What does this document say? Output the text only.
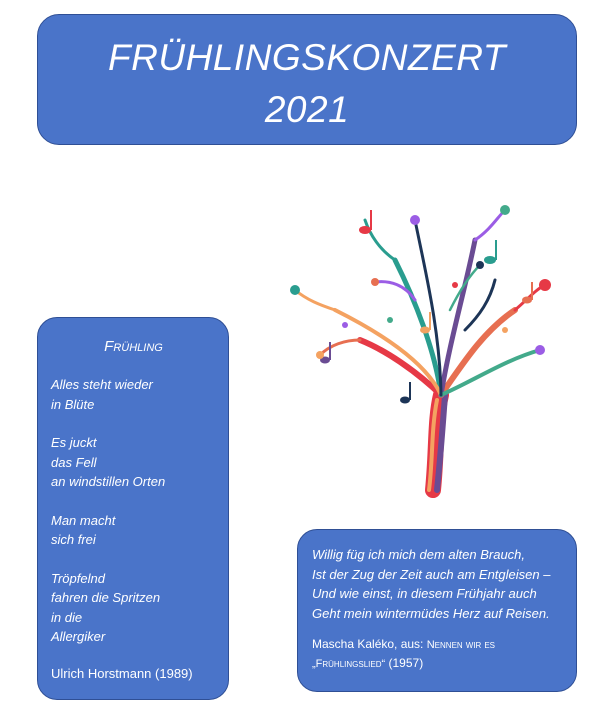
FRÜHLINGSKONZERT
2021
Frühling
Alles steht wieder
in Blüte
Es juckt
das Fell
an windstillen Orten
Man macht
sich frei
Tröpfelnd
fahren die Spritzen
in die
Allergiker
Ulrich Horstmann (1989)
Willig füg ich mich dem alten Brauch,
Ist der Zug der Zeit auch am Entgleisen –
Und wie einst, in diesem Frühjahr auch
Geht mein wintermüdes Herz auf Reisen.
Mascha Kaléko, aus: Nennen wir es
„Frühlingslied“ (1957)
